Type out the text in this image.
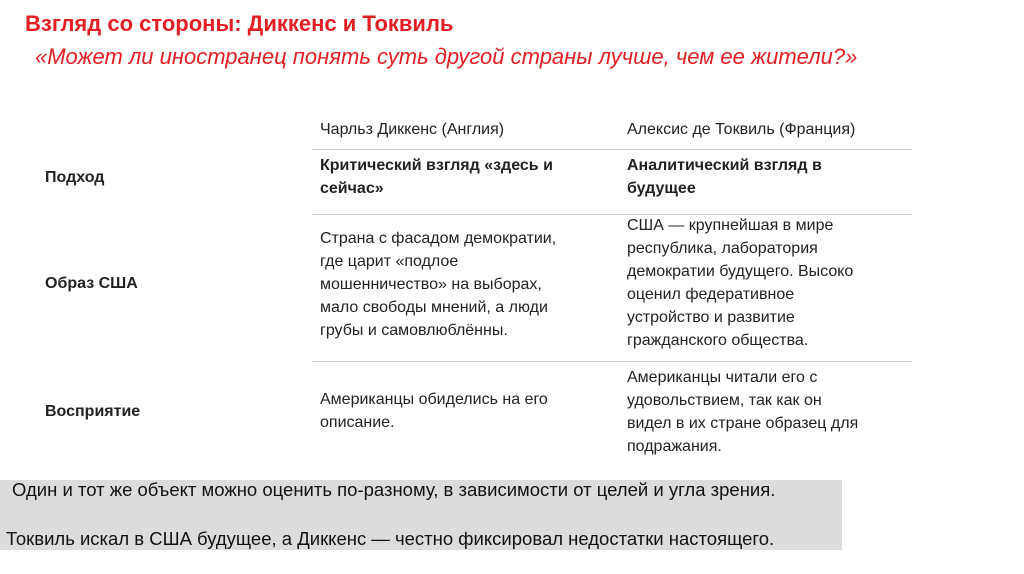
Взгляд со стороны: Диккенс и Токвиль

«Может ли иностранец понять суть другой страны лучше, чем ее жители?»

Чарльз Диккенс (Англия)	Алексис де Токвиль (Франция)
Подход
Критический взгляд «здесь и
сейчас»
Аналитический взгляд в
будущее
Образ США
Страна с фасадом демократии,
где царит «подлое
мошенничество» на выборах,
мало свободы мнений, а люди
грубы и самовлюблённы.
США — крупнейшая в мире
республика, лаборатория
демократии будущего. Высоко
оценил федеративное
устройство и развитие
гражданского общества.
Восприятие
Американцы обиделись на его
описание.
Американцы читали его с
удовольствием, так как он
видел в их стране образец для
подражания.
Один и тот же объект можно оценить по-разному, в зависимости от целей и угла зрения.
Токвиль искал в США будущее, а Диккенс — честно фиксировал недостатки настоящего.
